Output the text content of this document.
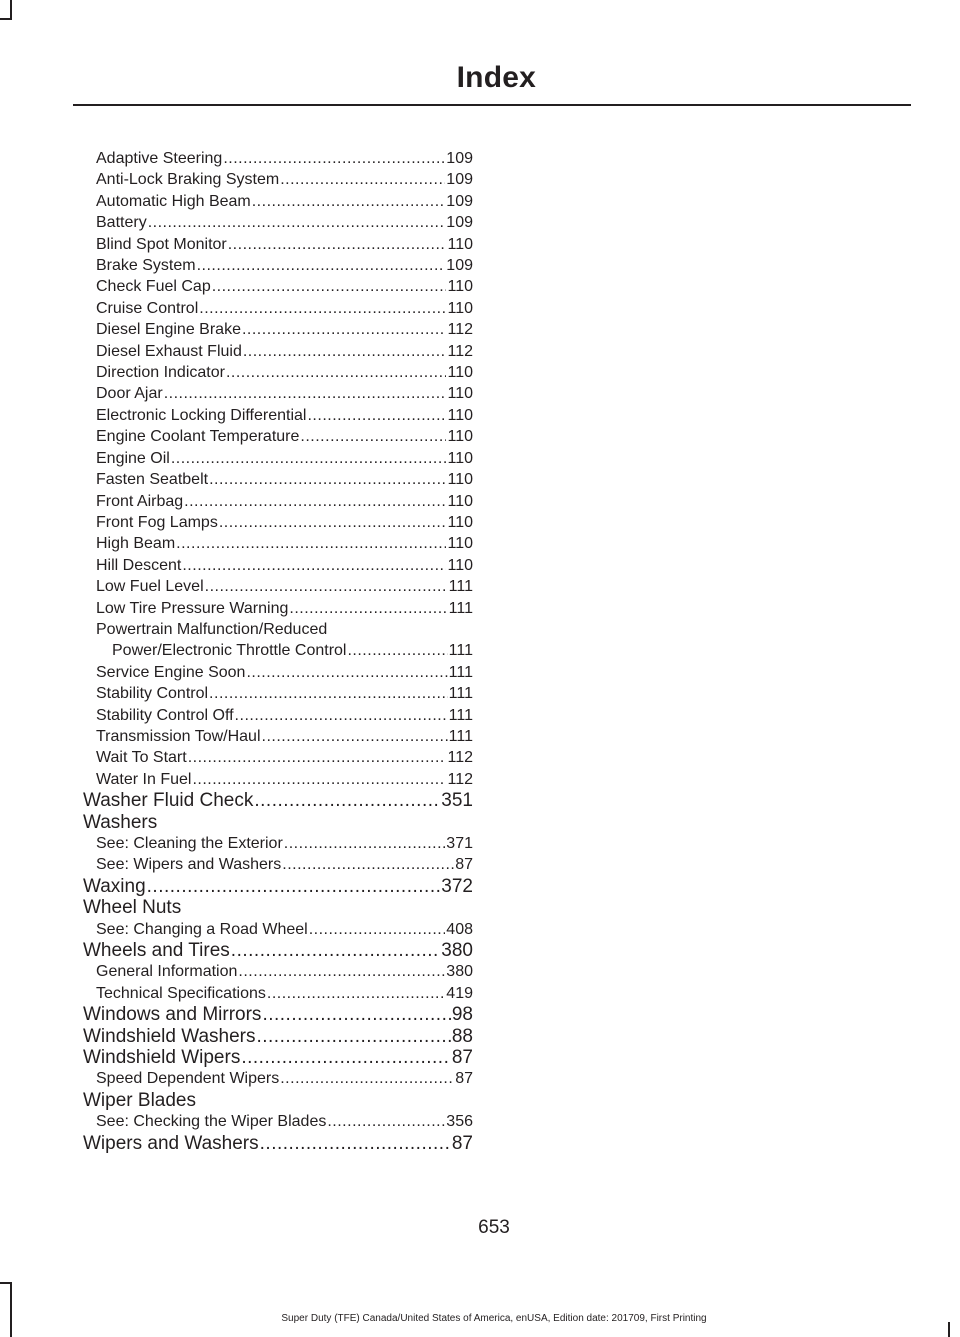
Index
Adaptive Steering .....	109
Anti-Lock Braking System .....	109
Automatic High Beam .....	109
Battery .....	109
Blind Spot Monitor .....	110
Brake System .....	109
Check Fuel Cap .....	110
Cruise Control .....	110
Diesel Engine Brake .....	112
Diesel Exhaust Fluid .....	112
Direction Indicator .....	110
Door Ajar .....	110
Electronic Locking Differential .....	110
Engine Coolant Temperature .....	110
Engine Oil .....	110
Fasten Seatbelt .....	110
Front Airbag .....	110
Front Fog Lamps .....	110
High Beam .....	110
Hill Descent .....	110
Low Fuel Level .....	111
Low Tire Pressure Warning .....	111
Powertrain Malfunction/Reduced
Power/Electronic Throttle Control .....	111
Service Engine Soon .....	111
Stability Control .....	111
Stability Control Off .....	111
Transmission Tow/Haul .....	111
Wait To Start .....	112
Water In Fuel .....	112
Washer Fluid Check .....	351
Washers
See: Cleaning the Exterior .....	371
See: Wipers and Washers .....	87
Waxing .....	372
Wheel Nuts
See: Changing a Road Wheel .....	408
Wheels and Tires .....	380
General Information .....	380
Technical Specifications .....	419
Windows and Mirrors .....	98
Windshield Washers .....	88
Windshield Wipers .....	87
Speed Dependent Wipers .....	87
Wiper Blades
See: Checking the Wiper Blades .....	356
Wipers and Washers .....	87

653

Super Duty (TFE) Canada/United States of America, enUSA, Edition date: 201709, First Printing
